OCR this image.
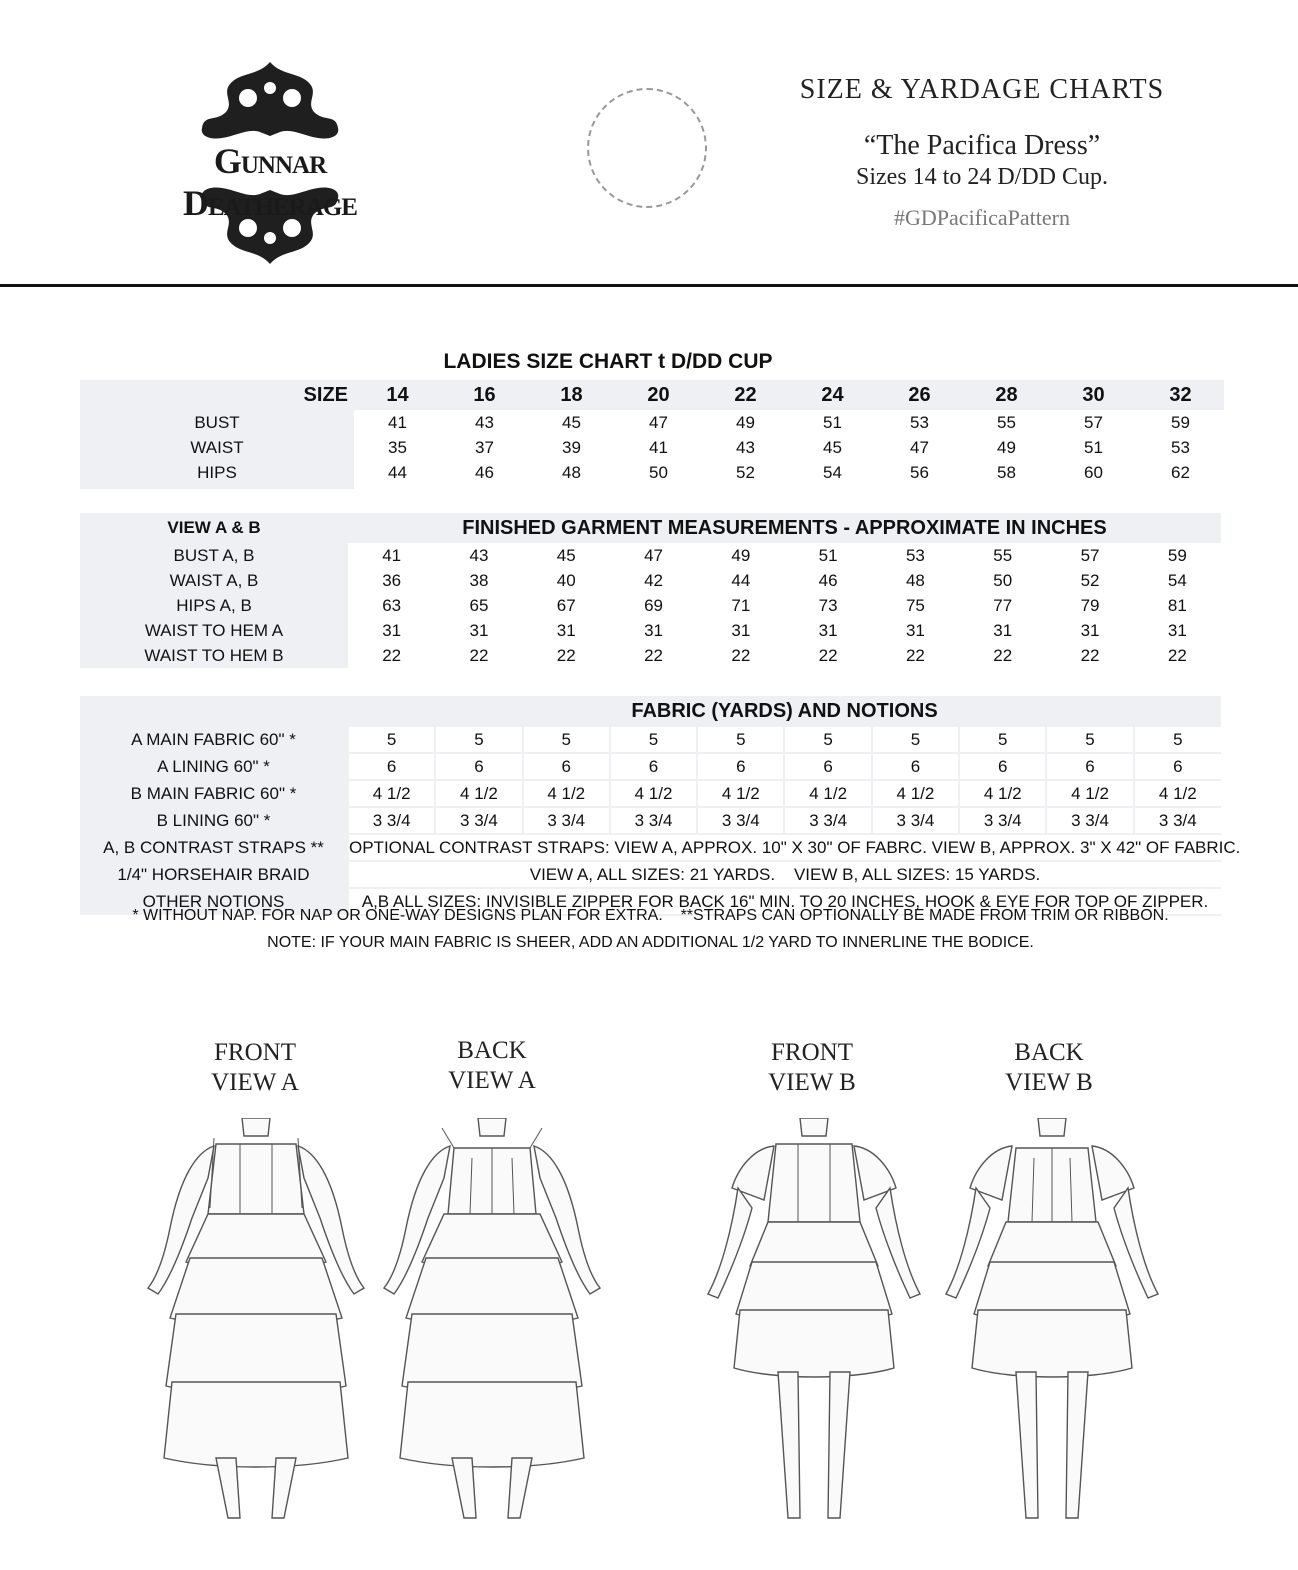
Gunnar Deatherage
SIZE & YARDAGE CHARTS
“The Pacifica Dress”
Sizes 14 to 24 D/DD Cup.
#GDPacificaPattern
LADIES SIZE CHART t D/DD CUP
SIZE	14	16	18	20	22	24	26	28	30	32
BUST	41	43	45	47	49	51	53	55	57	59
WAIST	35	37	39	41	43	45	47	49	51	53
HIPS	44	46	48	50	52	54	56	58	60	62

VIEW A & B	FINISHED GARMENT MEASUREMENTS - APPROXIMATE IN INCHES									
BUST A, B	41	43	45	47	49	51	53	55	57	59
WAIST A, B	36	38	40	42	44	46	48	50	52	54
HIPS A, B	63	65	67	69	71	73	75	77	79	81
WAIST TO HEM A	31	31	31	31	31	31	31	31	31	31
WAIST TO HEM B	22	22	22	22	22	22	22	22	22	22
	FABRIC (YARDS) AND NOTIONS									
A MAIN FABRIC 60" *	5	5	5	5	5	5	5	5	5	5
A LINING 60" *	6	6	6	6	6	6	6	6	6	6
B MAIN FABRIC 60" *	4 1/2	4 1/2	4 1/2	4 1/2	4 1/2	4 1/2	4 1/2	4 1/2	4 1/2	4 1/2
B LINING 60" *	3 3/4	3 3/4	3 3/4	3 3/4	3 3/4	3 3/4	3 3/4	3 3/4	3 3/4	3 3/4
A, B CONTRAST STRAPS **	OPTIONAL CONTRAST STRAPS: VIEW A, APPROX. 10" X 30" OF FABRC. VIEW B, APPROX. 3" X 42" OF FABRIC.									
1/4" HORSEHAIR BRAID	VIEW A, ALL SIZES: 21 YARDS.    VIEW B, ALL SIZES: 15 YARDS.									
OTHER NOTIONS	A,B ALL SIZES: INVISIBLE ZIPPER FOR BACK 16" MIN. TO 20 INCHES, HOOK & EYE FOR TOP OF ZIPPER.									
* WITHOUT NAP. FOR NAP OR ONE-WAY DESIGNS PLAN FOR EXTRA.    **STRAPS CAN OPTIONALLY BE MADE FROM TRIM OR RIBBON.
NOTE: IF YOUR MAIN FABRIC IS SHEER, ADD AN ADDITIONAL 1/2 YARD TO INNERLINE THE BODICE.
FRONT
VIEW A
BACK
VIEW A
FRONT
VIEW B
BACK
VIEW B
